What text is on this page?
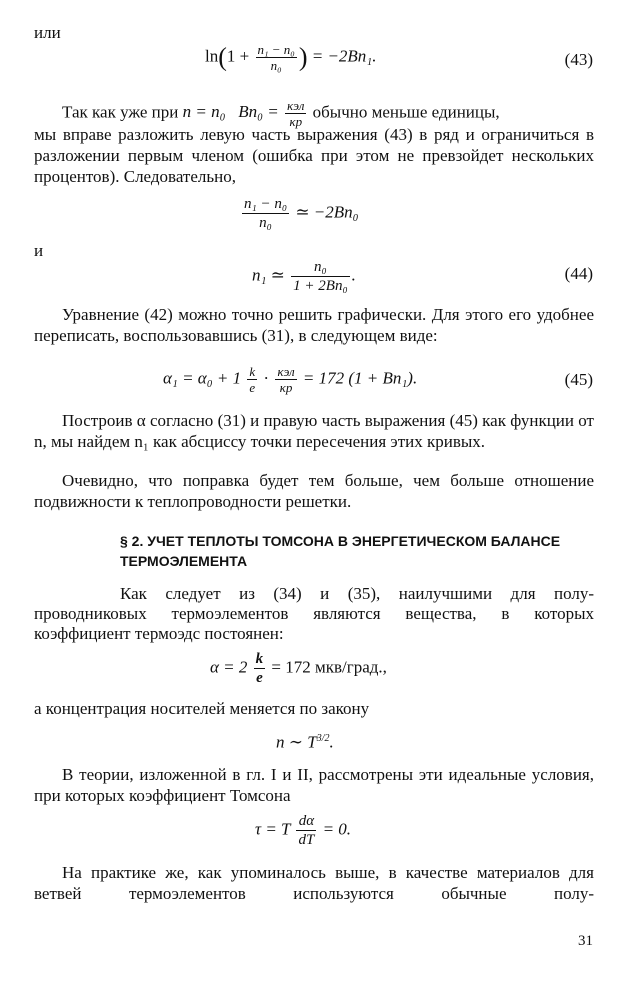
или
$\ln(1 + \frac{\text{n₁ − n₀}}{\text{n₀}}$ ) = −2Bn₁.	(43)
Так как уже при n = n₀ $Bn_0 = \frac{\text{κэл}}{\kappa р}$ обычно меньше единицы,
мы вправе разложить левую часть выражения (43) в ряд и ограничиться в разложении первым членом (ошибка при этом не превзойдет нескольких процентов). Следовательно,
$\frac{\text{n₁ − n₀}}{\text{n₀}}$ ≃ −2Bn₀
и
n₁ ≃ $\frac{\text{n₀}}{\text{1 + 2Bn₀}}$ .	(44)
Уравнение (42) можно точно решить графически. Для этого его удобнее переписать, воспользовавшись (31), в следующем виде:
$\alpha_1 = \alpha_0 + 1 \frac{k}{e} \cdot \frac{\text{κэл}}{\kappa р} = 172$ (1 + Bn₁).	(45)
Построив α согласно (31) и правую часть выражения (45) как функции от n, мы найдем n₁ как абсциссу точки пересечения этих кривых.
Очевидно, что поправка будет тем больше, чем больше отношение подвижности к теплопроводности решетки.
§ 2. УЧЕТ ТЕПЛОТЫ ТОМСОНА В ЭНЕРГЕТИЧЕСКОМ БАЛАНСЕ ТЕРМОЭЛЕМЕНТА
Как следует из (34) и (35), наилучшими для полу-
проводниковых термоэлементов являются вещества, в которых
коэффициент термоэдс постоянен:
$\alpha = 2 \frac{k}{e} = 172$ мкв/град.,
а концентрация носителей меняется по закону
n ∼ $T^{3/2}$.
В теории, изложенной в гл. I и II, рассмотрены эти идеальные условия, при которых коэффициент Томсона
τ = T $\frac{d\alpha}{dT} = 0$.
На практике же, как упоминалось выше, в качестве материалов для ветвей термоэлементов используются обычные полу-
31
